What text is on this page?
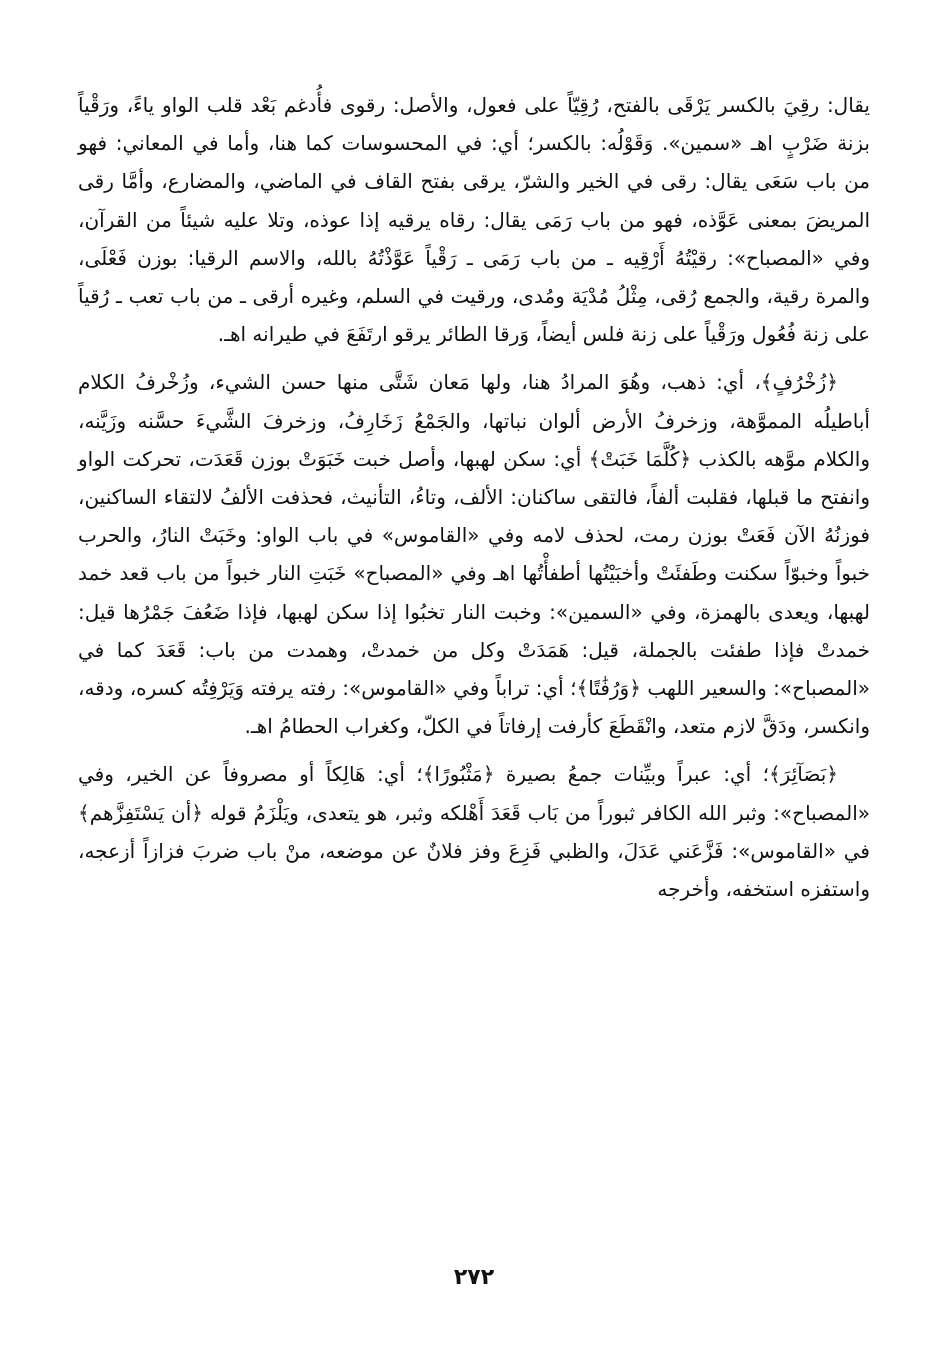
يقال: رقِيَ بالكسر يَرْقَى بالفتح، رُقِيّاً على فعول، والأصل: رقوى فأُدغم بَعْد قلب الواو ياءً، ورَقْياً بزنة ضَرْبٍ اهـ «سمين». وَقَوْلُه: بالكسر؛ أي: في المحسوسات كما هنا، وأما في المعاني: فهو من باب سَعَى يقال: رقى في الخير والشرّ، يرقى بفتح القاف في الماضي، والمضارع، وأمَّا رقى المريضَ بمعنى عَوَّذه، فهو من باب رَمَى يقال: رقاه يرقيه إذا عوذه، وتلا عليه شيئاً من القرآن، وفي «المصباح»: رقيْتُهُ أَرْقِيه ـ من باب رَمَى ـ رَقْياً عَوَّذْتُهُ بالله، والاسم الرقيا: بوزن فَعْلَى، والمرة رقية، والجمع رُقى، مِثْلُ مُدْيَة ومُدى، ورقيت في السلم، وغيره أرقى ـ من باب تعب ـ رُقياً على زنة فُعُول ورَقْياً على زنة فلس أيضاً، وَرقا الطائر يرقو ارتَفَعَ في طيرانه اهـ.

﴿زُخْرُفٍ﴾، أي: ذهب، وهُوَ المرادُ هنا، ولها مَعان شَتَّى منها حسن الشيء، وزُخْرفُ الكلام أباطيلُه المموَّهة، وزخرفُ الأرض ألوان نباتها، والجَمْعُ زَخَارِفُ، وزخرفَ الشَّيءَ حسَّنه وزَيَّنه، والكلام موَّهه بالكذب ﴿كُلَّمَا خَبَتْ﴾ أي: سكن لهبها، وأصل خبت خَبَوَتْ بوزن قَعَدَت، تحركت الواو وانفتح ما قبلها، فقلبت ألفاً، فالتقى ساكنان: الألف، وتاءُ، التأنيث، فحذفت الألفُ لالتقاء الساكنين، فوزنُهُ الآن فَعَتْ بوزن رمت، لحذف لامه وفي «القاموس» في باب الواو: وخَبَتْ النارُ، والحرب خبواً وخبوّاً سكنت وطَفئَتْ وأخبَيْتُها أطفأْتُها اهـ وفي «المصباح» خَبَتِ النار خبواً من باب قعد خمد لهبها، ويعدى بالهمزة، وفي «السمين»: وخبت النار تخبُوا إذا سكن لهبها، فإذا ضَعُفَ جَمْرُها قيل: خمدتْ فإذا طفئت بالجملة، قيل: هَمَدَتْ وكل من خمدتْ، وهمدت من باب: قَعَدَ كما في «المصباح»: والسعير اللهب ﴿وَرُفَٰتًا﴾؛ أي: تراباً وفي «القاموس»: رفته يرفته وَيَرْفِتُه كسره، ودقه، وانكسر، ودَقَّ لازم متعد، وانْقَطَعَ كأرفت إرفاتاً في الكلّ، وكغراب الحطامُ اهـ.

﴿بَصَآئِرَ﴾؛ أي: عبراً وبيِّنات جمعُ بصيرة ﴿مَثْبُورًا﴾؛ أي: هَالِكاً أو مصروفاً عن الخير، وفي «المصباح»: وثبر الله الكافر ثبوراً من بَاب قَعَدَ أَهْلكه وثبر، هو يتعدى، ويَلْزَمُ قوله ﴿أن يَسْتَفِزَّهم﴾ في «القاموس»: فَزَّعَني عَدَلَ، والظبي فَزِعَ وفز فلانٌ عن موضعه، منْ باب ضربَ فزازاً أزعجه، واستفزه استخفه، وأخرجه

٢٧٢
